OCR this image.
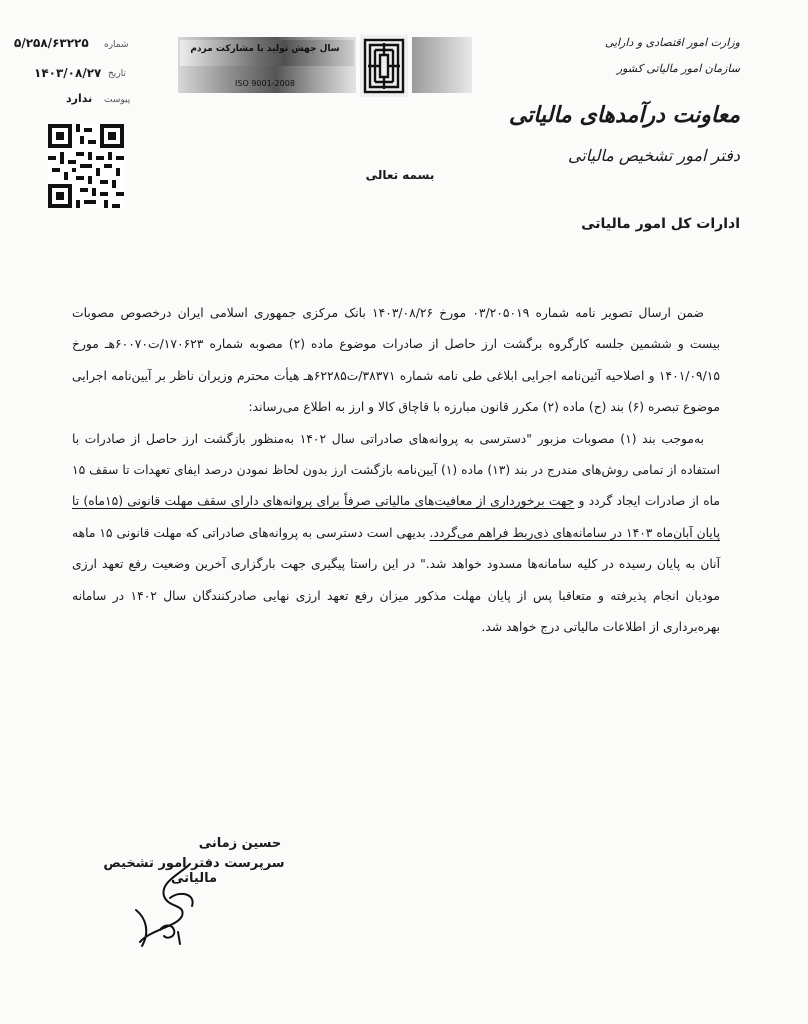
۵/۲۵۸/۶۳۲۲۵ شماره
۱۴۰۳/۰۸/۲۷ تاریخ
ندارد پیوست
سال جهش تولید با مشارکت مردم
ISO 9001-2008
وزارت امور اقتصادی و دارایی
سازمان امور مالیاتی کشور
معاونت درآمدهای مالیاتی
دفتر امور تشخیص مالیاتی
بسمه تعالی
ادارات کل امور مالیاتی

ضمن ارسال تصویر نامه شماره ۰۳/۲۰۵۰۱۹ مورخ ۱۴۰۳/۰۸/۲۶ بانک مرکزی جمهوری اسلامی ایران درخصوص مصوبات بیست و ششمین جلسه کارگروه برگشت ارز حاصل از صادرات موضوع ماده (۲) مصوبه شماره ۱۷۰۶۲۳/ت۶۰۰۷۰هـ مورخ ۱۴۰۱/۰۹/۱۵ و اصلاحیه آئین‌نامه اجرایی ابلاغی طی نامه شماره ۳۸۳۷۱/ت۶۲۲۸۵هـ هیأت محترم وزیران ناظر بر آیین‌نامه اجرایی موضوع تبصره (۶) بند (ح) ماده (۲) مکرر قانون مبارزه با قاچاق کالا و ارز به اطلاع می‌رساند:

به‌موجب بند (۱) مصوبات مزبور "دسترسی به پروانه‌های صادراتی سال ۱۴۰۲ به‌منظور بازگشت ارز حاصل از صادرات با استفاده از تمامی روش‌های مندرج در بند (۱۳) ماده (۱) آیین‌نامه بازگشت ارز بدون لحاظ نمودن درصد ایفای تعهدات تا سقف ۱۵ ماه از صادرات ایجاد گردد و جهت برخورداری از معافیت‌های مالیاتی صرفاً برای پروانه‌های دارای سقف مهلت قانونی (۱۵ماه) تا پایان آبان‌ماه ۱۴۰۳ در سامانه‌های ذی‌ربط فراهم می‌گردد. بدیهی است دسترسی به پروانه‌های صادراتی که مهلت قانونی ۱۵ ماهه آنان به پایان رسیده در کلیه سامانه‌ها مسدود خواهد شد." در این راستا پیگیری جهت بارگزاری آخرین وضعیت رفع تعهد ارزی مودیان انجام پذیرفته و متعاقبا پس از پایان مهلت مذکور میزان رفع تعهد ارزی نهایی صادرکنندگان سال ۱۴۰۲ در سامانه بهره‌برداری از اطلاعات مالیاتی درج خواهد شد.

حسین زمانی
سرپرست دفتر امور تشخیص مالیاتی
